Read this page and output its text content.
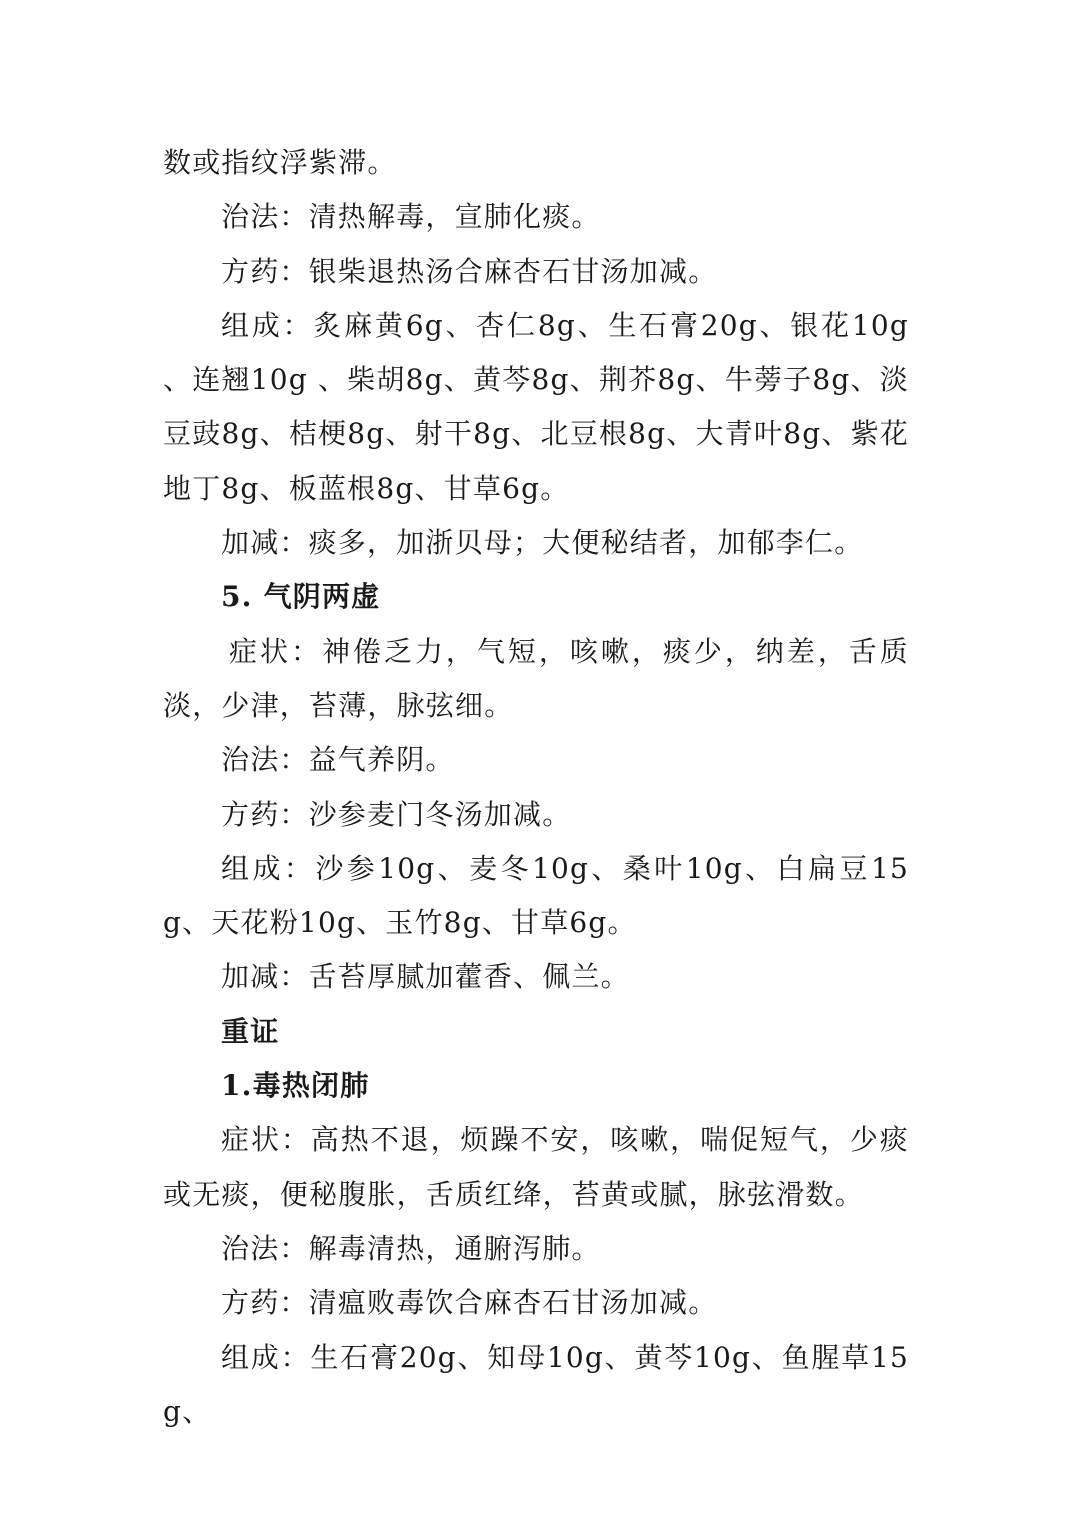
数或指纹浮紫滞。

治法：清热解毒，宣肺化痰。

方药：银柴退热汤合麻杏石甘汤加减。

组成：炙麻黄6g、杏仁8g、生石膏20g、银花10g 、连翘10g 、柴胡8g、黄芩8g、荆芥8g、牛蒡子8g、淡豆豉8g、桔梗8g、射干8g、北豆根8g、大青叶8g、紫花地丁8g、板蓝根8g、甘草6g。

加减：痰多，加浙贝母；大便秘结者，加郁李仁。

5. 气阴两虚

症状：神倦乏力，气短，咳嗽，痰少，纳差，舌质淡，少津，苔薄，脉弦细。

治法：益气养阴。

方药：沙参麦门冬汤加减。

组成：沙参10g、麦冬10g、桑叶10g、白扁豆15g、天花粉10g、玉竹8g、甘草6g。

加减：舌苔厚腻加藿香、佩兰。

重证

1.毒热闭肺

症状：高热不退，烦躁不安，咳嗽，喘促短气，少痰或无痰，便秘腹胀，舌质红绛，苔黄或腻，脉弦滑数。

治法：解毒清热，通腑泻肺。

方药：清瘟败毒饮合麻杏石甘汤加减。

组成：生石膏20g、知母10g、黄芩10g、鱼腥草15g、
